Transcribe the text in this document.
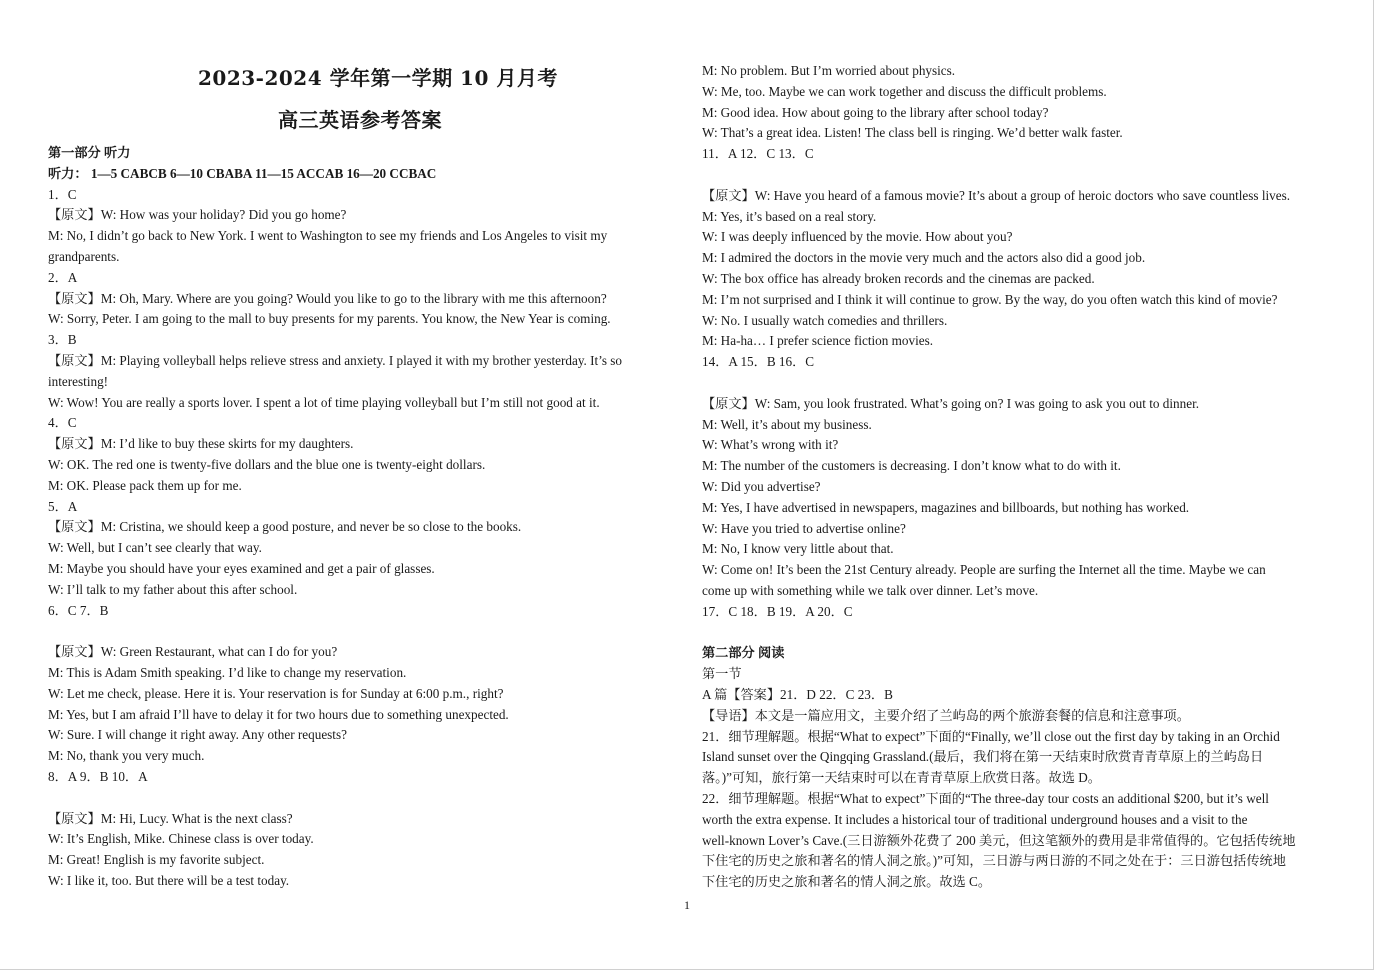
2023-2024 学年第一学期 10 月月考
高三英语参考答案
第一部分 听力
听力： 1—5 CABCB 6—10 CBABA 11—15 ACCAB 16—20 CCBAC
1．C
【原文】W: How was your holiday? Did you go home?
M: No, I didn’t go back to New York. I went to Washington to see my friends and Los Angeles to visit my
grandparents.
2．A
【原文】M: Oh, Mary. Where are you going? Would you like to go to the library with me this afternoon?
W: Sorry, Peter. I am going to the mall to buy presents for my parents. You know, the New Year is coming.
3．B
【原文】M: Playing volleyball helps relieve stress and anxiety. I played it with my brother yesterday. It’s so
interesting!
W: Wow! You are really a sports lover. I spent a lot of time playing volleyball but I’m still not good at it.
4．C
【原文】M: I’d like to buy these skirts for my daughters.
W: OK. The red one is twenty-five dollars and the blue one is twenty-eight dollars.
M: OK. Please pack them up for me.
5．A
【原文】M: Cristina, we should keep a good posture, and never be so close to the books.
W: Well, but I can’t see clearly that way.
M: Maybe you should have your eyes examined and get a pair of glasses.
W: I’ll talk to my father about this after school.
6．C 7．B
【原文】W: Green Restaurant, what can I do for you?
M: This is Adam Smith speaking. I’d like to change my reservation.
W: Let me check, please. Here it is. Your reservation is for Sunday at 6:00 p.m., right?
M: Yes, but I am afraid I’ll have to delay it for two hours due to something unexpected.
W: Sure. I will change it right away. Any other requests?
M: No, thank you very much.
8．A 9．B 10．A
【原文】M: Hi, Lucy. What is the next class?
W: It’s English, Mike. Chinese class is over today.
M: Great! English is my favorite subject.
W: I like it, too. But there will be a test today.
M: No problem. But I’m worried about physics.
W: Me, too. Maybe we can work together and discuss the difficult problems.
M: Good idea. How about going to the library after school today?
W: That’s a great idea. Listen! The class bell is ringing. We’d better walk faster.
11．A 12．C 13．C
【原文】W: Have you heard of a famous movie? It’s about a group of heroic doctors who save countless lives.
M: Yes, it’s based on a real story.
W: I was deeply influenced by the movie. How about you?
M: I admired the doctors in the movie very much and the actors also did a good job.
W: The box office has already broken records and the cinemas are packed.
M: I’m not surprised and I think it will continue to grow. By the way, do you often watch this kind of movie?
W: No. I usually watch comedies and thrillers.
M: Ha-ha… I prefer science fiction movies.
14．A 15．B 16．C
【原文】W: Sam, you look frustrated. What’s going on? I was going to ask you out to dinner.
M: Well, it’s about my business.
W: What’s wrong with it?
M: The number of the customers is decreasing. I don’t know what to do with it.
W: Did you advertise?
M: Yes, I have advertised in newspapers, magazines and billboards, but nothing has worked.
W: Have you tried to advertise online?
M: No, I know very little about that.
W: Come on! It’s been the 21st Century already. People are surfing the Internet all the time. Maybe we can
come up with something while we talk over dinner. Let’s move.
17．C 18．B 19．A 20．C
第二部分 阅读
第一节
A 篇【答案】21．D 22．C 23．B
【导语】本文是一篇应用文，主要介绍了兰屿岛的两个旅游套餐的信息和注意事项。
21．细节理解题。根据“What to expect”下面的“Finally, we’ll close out the first day by taking in an Orchid
Island sunset over the Qingqing Grassland.(最后，我们将在第一天结束时欣赏青青草原上的兰屿岛日
落。)”可知，旅行第一天结束时可以在青青草原上欣赏日落。故选 D。
22．细节理解题。根据“What to expect”下面的“The three-day tour costs an additional $200, but it’s well
worth the extra expense. It includes a historical tour of traditional underground houses and a visit to the
well-known Lover’s Cave.(三日游额外花费了 200 美元，但这笔额外的费用是非常值得的。它包括传统地
下住宅的历史之旅和著名的情人洞之旅。)”可知，三日游与两日游的不同之处在于：三日游包括传统地
下住宅的历史之旅和著名的情人洞之旅。故选 C。
1
